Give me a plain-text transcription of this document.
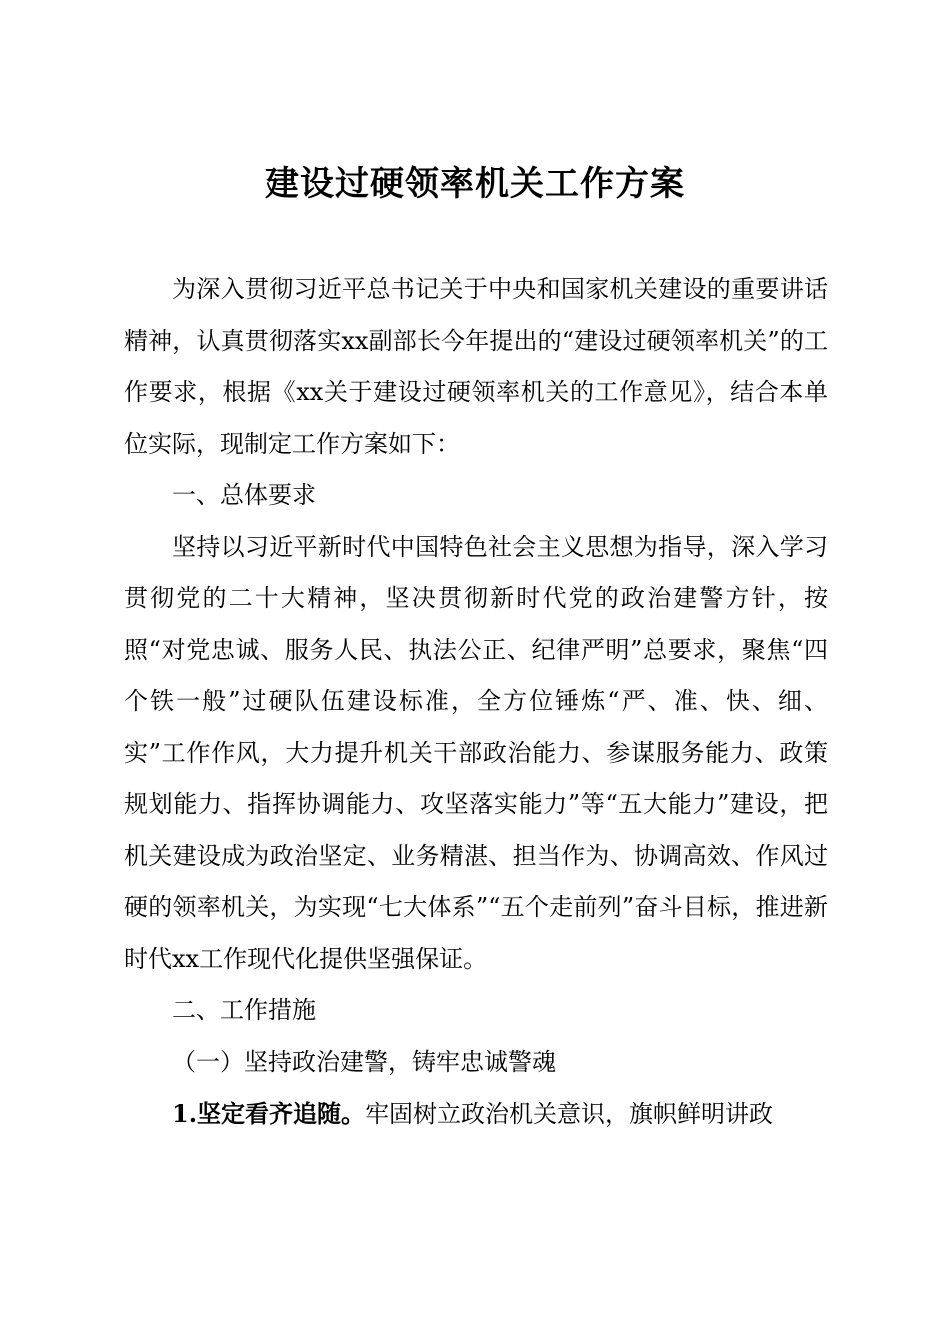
建设过硬领率机关工作方案

为深入贯彻习近平总书记关于中央和国家机关建设的重要讲话精神，认真贯彻落实xx副部长今年提出的“建设过硬领率机关”的工作要求，根据《xx关于建设过硬领率机关的工作意见》，结合本单位实际，现制定工作方案如下：

一、总体要求

坚持以习近平新时代中国特色社会主义思想为指导，深入学习贯彻党的二十大精神，坚决贯彻新时代党的政治建警方针，按照“对党忠诚、服务人民、执法公正、纪律严明”总要求，聚焦“四个铁一般”过硬队伍建设标准，全方位锤炼“严、准、快、细、实”工作作风，大力提升机关干部政治能力、参谋服务能力、政策规划能力、指挥协调能力、攻坚落实能力”等“五大能力”建设，把机关建设成为政治坚定、业务精湛、担当作为、协调高效、作风过硬的领率机关，为实现“七大体系”“五个走前列”奋斗目标，推进新时代xx工作现代化提供坚强保证。

二、工作措施

（一）坚持政治建警，铸牢忠诚警魂

1.坚定看齐追随。牢固树立政治机关意识，旗帜鲜明讲政
